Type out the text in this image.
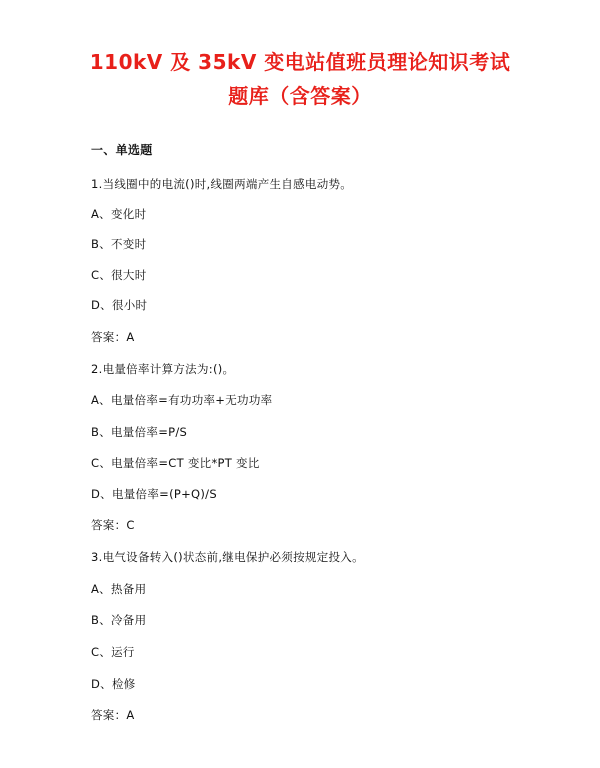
110kV 及 35kV 变电站值班员理论知识考试
题库（含答案）
一、单选题
1.当线圈中的电流()时,线圈两端产生自感电动势。
A、变化时
B、不变时
C、很大时
D、很小时
答案：A
2.电量倍率计算方法为:()。
A、电量倍率=有功功率+无功功率
B、电量倍率=P/S
C、电量倍率=CT 变比*PT 变比
D、电量倍率=(P+Q)/S
答案：C
3.电气设备转入()状态前,继电保护必须按规定投入。
A、热备用
B、冷备用
C、运行
D、检修
答案：A
